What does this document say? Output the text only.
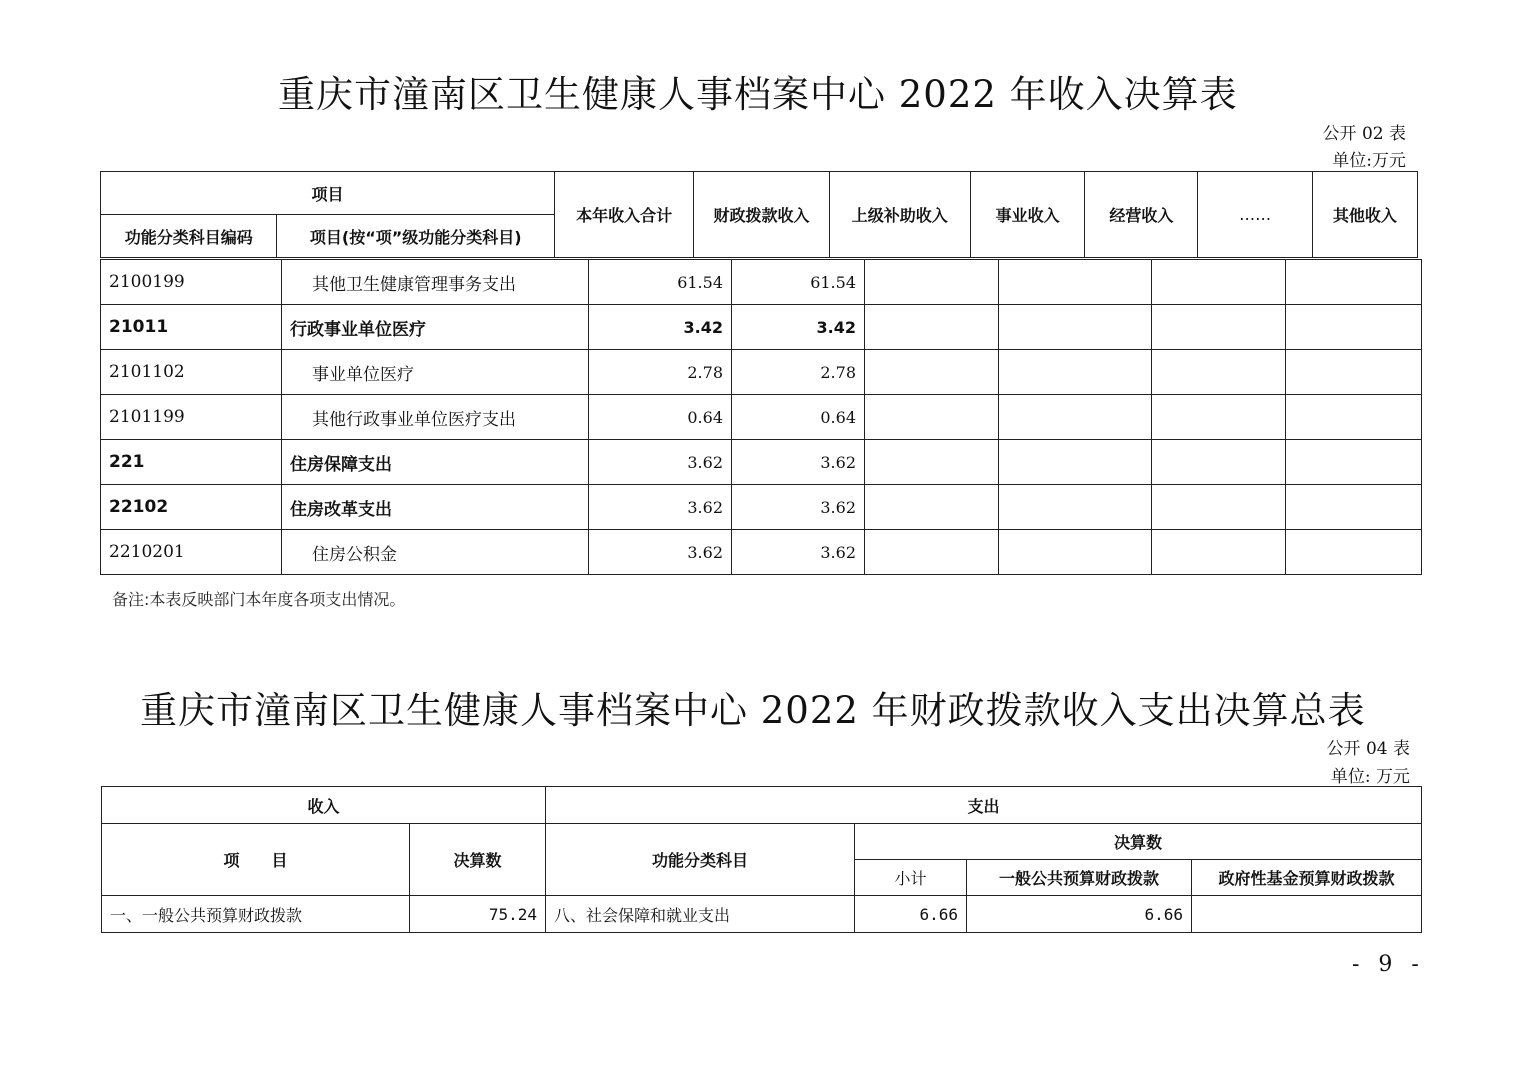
重庆市潼南区卫生健康人事档案中心 2022 年收入决算表
公开 02 表
单位:万元
项目		本年收入合计	财政拨款收入	上级补助收入	事业收入	经营收入	……	其他收入
功能分类科目编码	项目(按“项”级功能分类科目)							
2100199	其他卫生健康管理事务支出	61.54	61.54				
21011	行政事业单位医疗	3.42	3.42				
2101102	事业单位医疗	2.78	2.78				
2101199	其他行政事业单位医疗支出	0.64	0.64				
221	住房保障支出	3.62	3.62				
22102	住房改革支出	3.62	3.62				
2210201	住房公积金	3.62	3.62				
备注:本表反映部门本年度各项支出情况。
重庆市潼南区卫生健康人事档案中心 2022 年财政拨款收入支出决算总表
公开 04 表
单位: 万元
收入		支出			
项　　目	决算数	功能分类科目	决算数		
			小计	一般公共预算财政拨款	政府性基金预算财政拨款
一、一般公共预算财政拨款	75.24	八、社会保障和就业支出	6.66	6.66	
- 9 -
